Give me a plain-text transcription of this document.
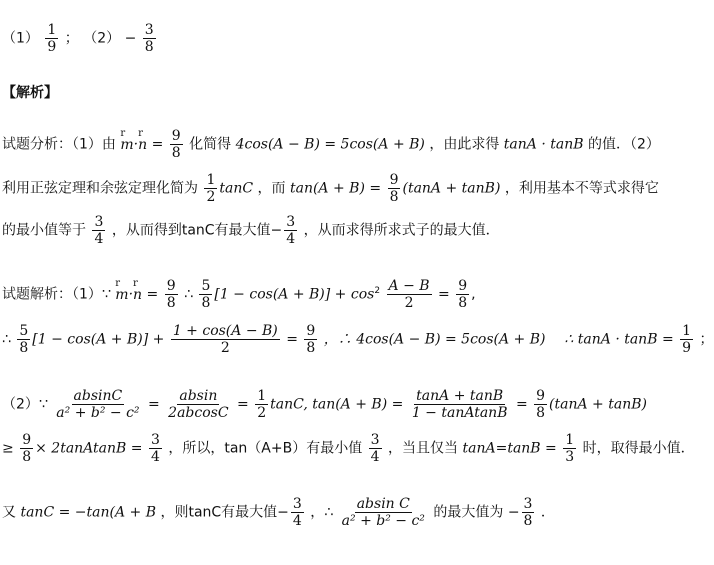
$(1) \frac{1}{9}$ ； $(2) - \frac{3}{8}$
【解析】
试题分析：（1）由
r
m·
r
$n = \frac{9}{8}$ 化简得 4cos(A − B) = 5cos(A + B) ，由此求得 tanA · tanB 的值．（2）
利用正弦定理和余弦定理化简为 $\frac{1}{2}$ tanC ，而 $\tan(A + B) = \frac{9}{8} (\tan A + \tan B)$ ，利用基本不等式求得它
的最小值等于 $\frac{3}{4}$ ，从而得到tanC有最大值− $\frac{3}{4}$ ，从而求得所求式子的最大值．
试题解析：（1）∵
r
m·
r
$n = \frac{9}{8}$ ∴ $\frac{5}{8} [1 - \cos(A + B)] + \cos^2 \frac{A - B}{2} = \frac{9}{8}$ ,
∴ $\frac{5}{8} [1 - \cos(A + B)] + \frac{1 + \cos(A - B)}{2} = \frac{9}{8}$ ，∴ 4cos(A − B) = 5cos(A + B) ∴ $\tan A \cdot \tan B = \frac{1}{9}$ ；
（2）∵ $\frac{absinC}{\text{a² + b² − c²}} = \frac{absin}{2abcosC} = \frac{1}{2} \tan C$, $\tan(A + B) = \frac{\tan A + \tan B}{\text{1 − tanAtanB}} = \frac{9}{8} (\tan A + \tan B)$
≥ $\frac{9}{8}$ × 2tanAtanB = $\frac{3}{4}$ ，所以，tan（A+B）有最小值 $\frac{3}{4}$ ，当且仅当 $\tan A=\tan B = \frac{1}{3}$ 时，取得最小值．
又 tanC = −tan(A + B ，则tanC有最大值− $\frac{3}{4}$ ，∴ $\frac{\text{absin C}}{\text{a² + b² − c²}}$ 的最大值为 − $\frac{3}{8}$ ．
